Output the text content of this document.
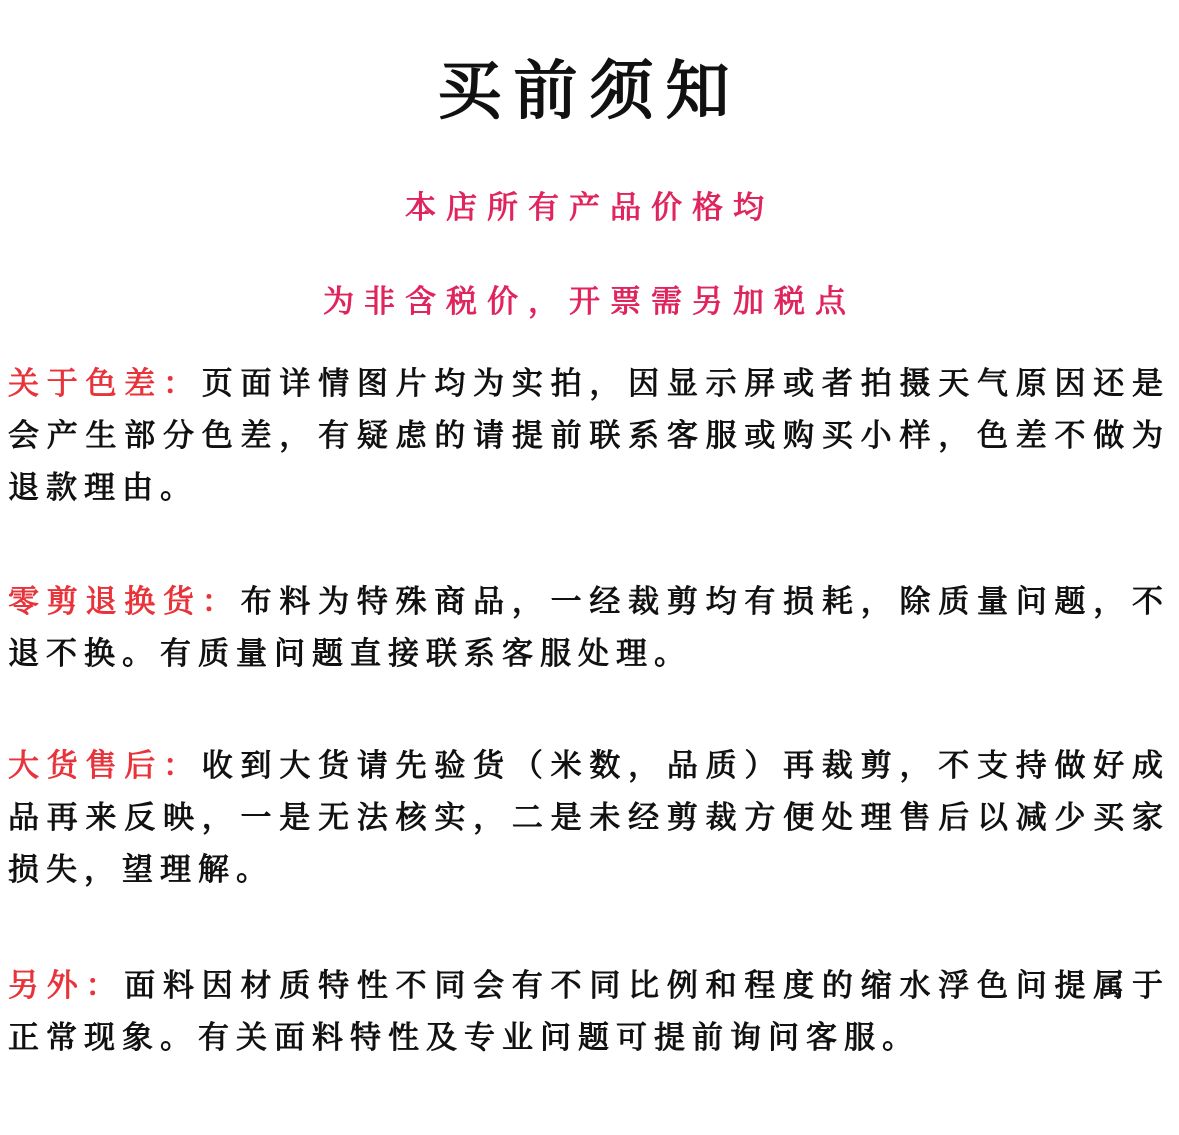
买前须知
本店所有产品价格均
为非含税价，开票需另加税点
关于色差：页面详情图片均为实拍，因显示屏或者拍摄天气原因还是会产生部分色差，有疑虑的请提前联系客服或购买小样，色差不做为退款理由。
零剪退换货：布料为特殊商品，一经裁剪均有损耗，除质量问题，不退不换。有质量问题直接联系客服处理。
大货售后：收到大货请先验货（米数，品质）再裁剪，不支持做好成品再来反映，一是无法核实，二是未经剪裁方便处理售后以减少买家损失，望理解。
另外：面料因材质特性不同会有不同比例和程度的缩水浮色问提属于正常现象。有关面料特性及专业问题可提前询问客服。
